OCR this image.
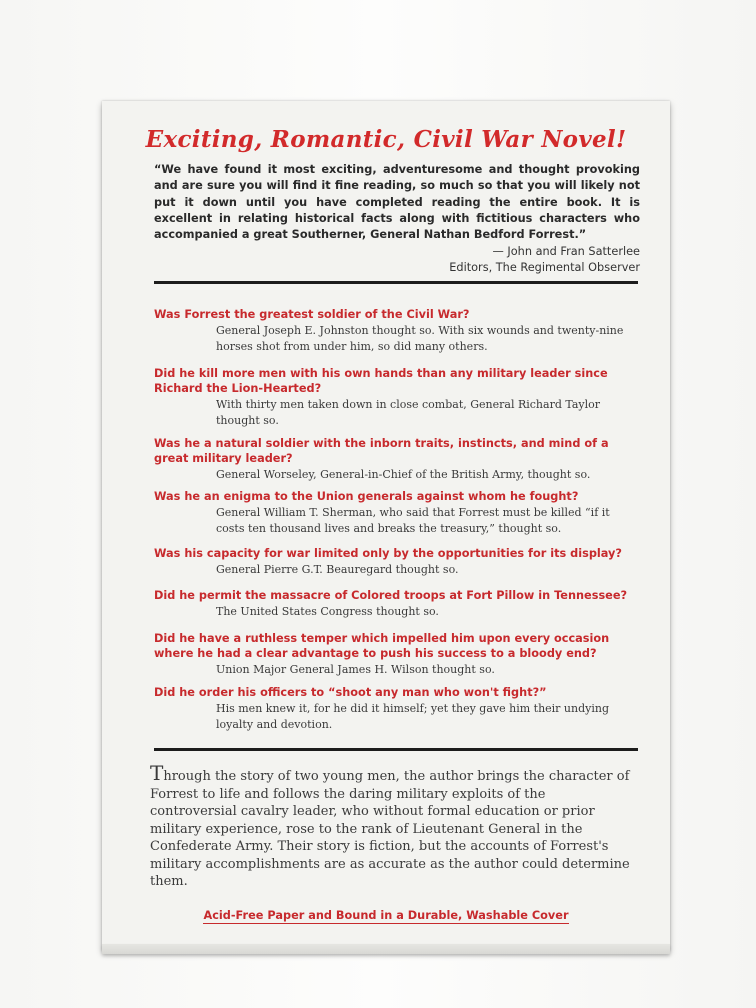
Exciting, Romantic, Civil War Novel!

“We have found it most exciting, adventuresome and thought provoking and are sure you will find it fine reading, so much so that you will likely not put it down until you have completed reading the entire book. It is excellent in relating historical facts along with fictitious characters who accompanied a great Southerner, General Nathan Bedford Forrest.”

— John and Fran Satterlee

Editors, The Regimental Observer

Was Forrest the greatest soldier of the Civil War?

General Joseph E. Johnston thought so. With six wounds and twenty-nine horses shot from under him, so did many others.

Did he kill more men with his own hands than any military leader since Richard the Lion-Hearted?

With thirty men taken down in close combat, General Richard Taylor thought so.

Was he a natural soldier with the inborn traits, instincts, and mind of a great military leader?

General Worseley, General-in-Chief of the British Army, thought so.

Was he an enigma to the Union generals against whom he fought?

General William T. Sherman, who said that Forrest must be killed “if it costs ten thousand lives and breaks the treasury,” thought so.

Was his capacity for war limited only by the opportunities for its display?

General Pierre G.T. Beauregard thought so.

Did he permit the massacre of Colored troops at Fort Pillow in Tennessee?

The United States Congress thought so.

Did he have a ruthless temper which impelled him upon every occasion where he had a clear advantage to push his success to a bloody end?

Union Major General James H. Wilson thought so.

Did he order his officers to “shoot any man who won't fight?”

His men knew it, for he did it himself; yet they gave him their undying loyalty and devotion.

Through the story of two young men, the author brings the character of Forrest to life and follows the daring military exploits of the controversial cavalry leader, who without formal education or prior military experience, rose to the rank of Lieutenant General in the Confederate Army. Their story is fiction, but the accounts of Forrest's military accomplishments are as accurate as the author could determine them.

Acid-Free Paper and Bound in a Durable, Washable Cover
